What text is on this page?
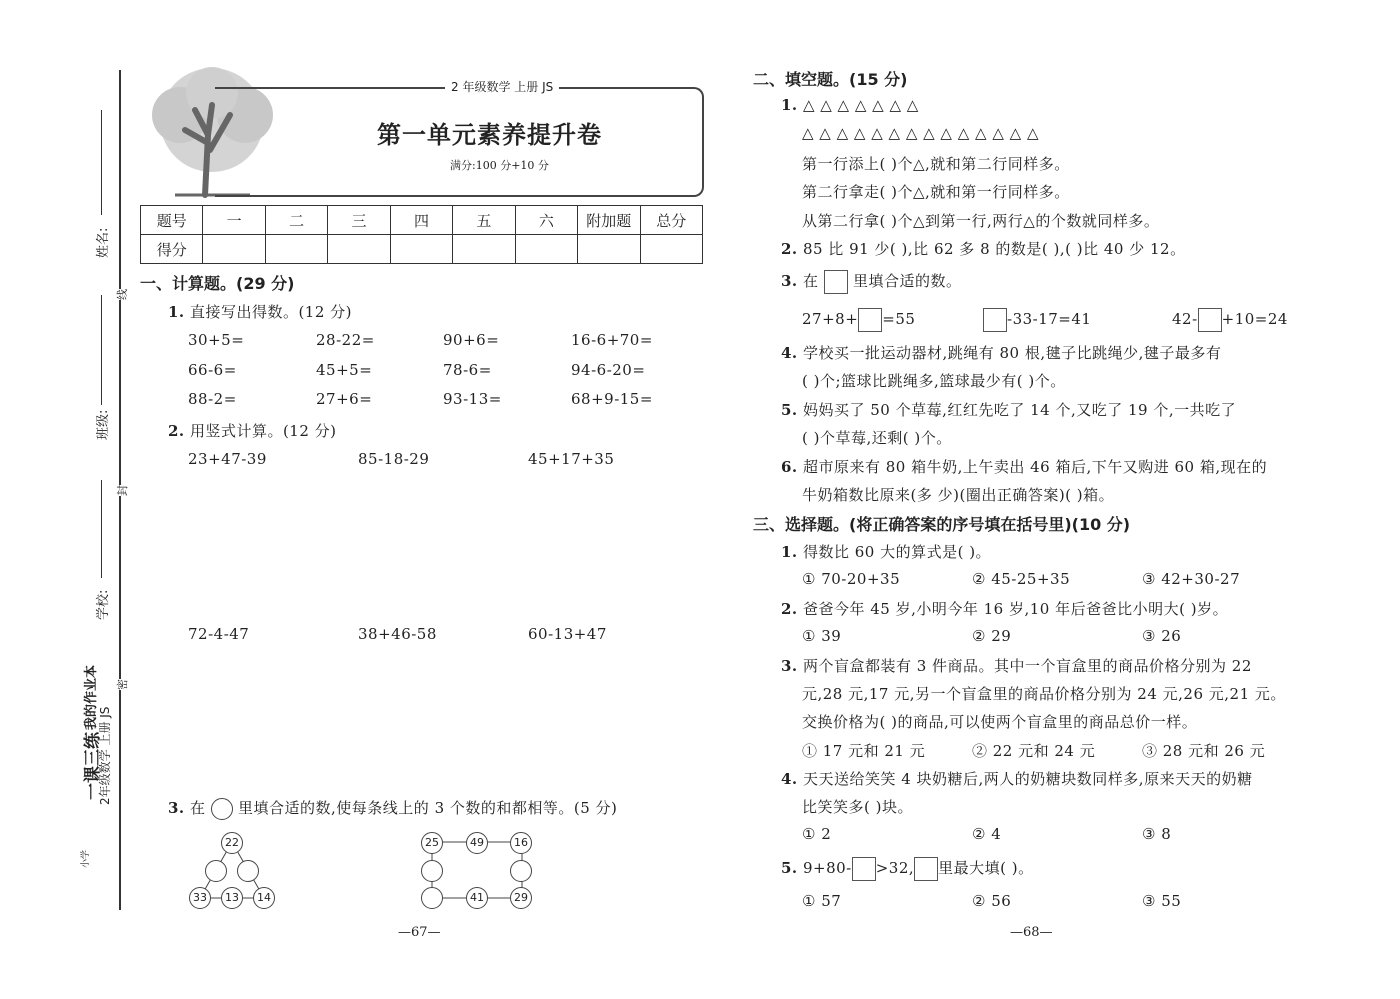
姓名:
班级:
学校:
线
封
密
一课三练
小学
我的作业本
2年级数学 上册 JS
2 年级数学 上册 JS
第一单元素养提升卷
满分:100 分+10 分
题号	一	二	三	四	五	六	附加题	总分
得分								
一、计算题。(29 分)
1. 直接写出得数。(12 分)
30+5=	28-22=	90+6=	16-6+70=
66-6=	45+5=	78-6=	94-6-20=
88-2=	27+6=	93-13=	68+9-15=
2. 用竖式计算。(12 分)
23+47-39	85-18-29	45+17+35
72-4-47	38+46-58	60-13+47
3. 在 里填合适的数,使每条线上的 3 个数的和都相等。(5 分)
22
33	13	14
25	49	16
41	29
—67—
二、填空题。(15 分)
1. △ △ △ △ △ △ △
△ △ △ △ △ △ △ △ △ △ △ △ △ △
第一行添上( )个△,就和第二行同样多。
第二行拿走( )个△,就和第一行同样多。
从第二行拿( )个△到第一行,两行△的个数就同样多。
2. 85 比 91 少( ),比 62 多 8 的数是( ),( )比 40 少 12。
3. 在 里填合适的数。
27+8+ =55	-33-17=41	42- +10=24
4. 学校买一批运动器材,跳绳有 80 根,毽子比跳绳少,毽子最多有
( )个;篮球比跳绳多,篮球最少有( )个。
5. 妈妈买了 50 个草莓,红红先吃了 14 个,又吃了 19 个,一共吃了
( )个草莓,还剩( )个。
6. 超市原来有 80 箱牛奶,上午卖出 46 箱后,下午又购进 60 箱,现在的
牛奶箱数比原来(多 少)(圈出正确答案)( )箱。
三、选择题。(将正确答案的序号填在括号里)(10 分)
1. 得数比 60 大的算式是( )。
① 70-20+35	② 45-25+35	③ 42+30-27
2. 爸爸今年 45 岁,小明今年 16 岁,10 年后爸爸比小明大( )岁。
① 39	② 29	③ 26
3. 两个盲盒都装有 3 件商品。其中一个盲盒里的商品价格分别为 22
元,28 元,17 元,另一个盲盒里的商品价格分别为 24 元,26 元,21 元。
交换价格为( )的商品,可以使两个盲盒里的商品总价一样。
① 17 元和 21 元	② 22 元和 24 元	③ 28 元和 26 元
4. 天天送给笑笑 4 块奶糖后,两人的奶糖块数同样多,原来天天的奶糖
比笑笑多( )块。
① 2	② 4	③ 8
5. 9+80- >32, 里最大填( )。
① 57	② 56	③ 55
—68—
